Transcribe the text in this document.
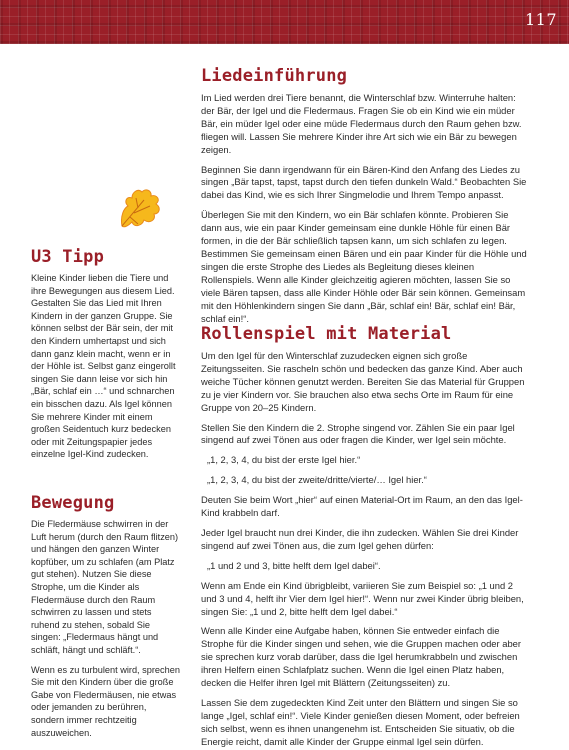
117
U3 Tipp
Kleine Kinder lieben die Tiere und ihre Bewegungen aus diesem Lied. Gestalten Sie das Lied mit Ihren Kindern in der ganzen Gruppe. Sie können selbst der Bär sein, der mit den Kindern umhertapst und sich dann ganz klein macht, wenn er in der Höhle ist. Selbst ganz eingerollt singen Sie dann leise vor sich hin „Bär, schlaf ein …“ und schnarchen ein bisschen dazu. Als Igel können Sie mehrere Kinder mit einem großen Seidentuch kurz bedecken oder mit Zeitungspapier jedes einzelne Igel-Kind zudecken.
Bewegung
Die Fledermäuse schwirren in der Luft herum (durch den Raum flitzen) und hängen den ganzen Winter kopfüber, um zu schlafen (am Platz gut stehen). Nutzen Sie diese Strophe, um die Kinder als Fledermäuse durch den Raum schwirren zu lassen und stets ruhend zu stehen, sobald Sie singen: „Fledermaus hängt und schläft, hängt und schläft.“.
Wenn es zu turbulent wird, sprechen Sie mit den Kindern über die große Gabe von Fledermäusen, nie etwas oder jemanden zu berühren, sondern immer rechtzeitig auszuweichen.
Liedeinführung
Im Lied werden drei Tiere benannt, die Winterschlaf bzw. Winterruhe halten: der Bär, der Igel und die Fledermaus. Fragen Sie ob ein Kind wie ein müder Bär, ein müder Igel oder eine müde Fledermaus durch den Raum gehen bzw. fliegen will. Lassen Sie mehrere Kinder ihre Art sich wie ein Bär zu bewegen zeigen.
Beginnen Sie dann irgendwann für ein Bären-Kind den Anfang des Liedes zu singen „Bär tapst, tapst, tapst durch den tiefen dunkeln Wald.“ Beobachten Sie dabei das Kind, wie es sich Ihrer Singmelodie und Ihrem Tempo anpasst.
Überlegen Sie mit den Kindern, wo ein Bär schlafen könnte. Probieren Sie dann aus, wie ein paar Kinder gemeinsam eine dunkle Höhle für einen Bär formen, in die der Bär schließlich tapsen kann, um sich schlafen zu legen. Bestimmen Sie gemeinsam einen Bären und ein paar Kinder für die Höhle und singen die erste Strophe des Liedes als Begleitung dieses kleinen Rollenspiels. Wenn alle Kinder gleichzeitig agieren möchten, lassen Sie so viele Bären tapsen, dass alle Kinder Höhle oder Bär sein können. Gemeinsam mit den Höhlenkindern singen Sie dann „Bär, schlaf ein! Bär, schlaf ein! Bär, schlaf ein!“.
Rollenspiel mit Material
Um den Igel für den Winterschlaf zuzudecken eignen sich große Zeitungsseiten. Sie rascheln schön und bedecken das ganze Kind. Aber auch weiche Tücher können genutzt werden. Bereiten Sie das Material für Gruppen zu je vier Kindern vor. Sie brauchen also etwa sechs Orte im Raum für eine Gruppe von 20–25 Kindern.
Stellen Sie den Kindern die 2. Strophe singend vor. Zählen Sie ein paar Igel singend auf zwei Tönen aus oder fragen die Kinder, wer Igel sein möchte.
„1, 2, 3, 4, du bist der erste Igel hier.“
„1, 2, 3, 4, du bist der zweite/dritte/vierte/… Igel hier.“
Deuten Sie beim Wort „hier“ auf einen Material-Ort im Raum, an den das Igel-Kind krabbeln darf.
Jeder Igel braucht nun drei Kinder, die ihn zudecken. Wählen Sie drei Kinder singend auf zwei Tönen aus, die zum Igel gehen dürfen:
„1 und 2 und 3, bitte helft dem Igel dabei“.
Wenn am Ende ein Kind übrigbleibt, variieren Sie zum Beispiel so: „1 und 2 und 3 und 4, helft ihr Vier dem Igel hier!“. Wenn nur zwei Kinder übrig bleiben, singen Sie: „1 und 2, bitte helft dem Igel dabei.“
Wenn alle Kinder eine Aufgabe haben, können Sie entweder einfach die Strophe für die Kinder singen und sehen, wie die Gruppen machen oder aber sie sprechen kurz vorab darüber, dass die Igel herumkrabbeln und zwischen ihren Helfern einen Schlafplatz suchen. Wenn die Igel einen Platz haben, decken die Helfer ihren Igel mit Blättern (Zeitungsseiten) zu.
Lassen Sie dem zugedeckten Kind Zeit unter den Blättern und singen Sie so lange „Igel, schlaf ein!“. Viele Kinder genießen diesen Moment, oder befreien sich selbst, wenn es ihnen unangenehm ist. Entscheiden Sie situativ, ob die Energie reicht, damit alle Kinder der Gruppe einmal Igel sein dürfen.
